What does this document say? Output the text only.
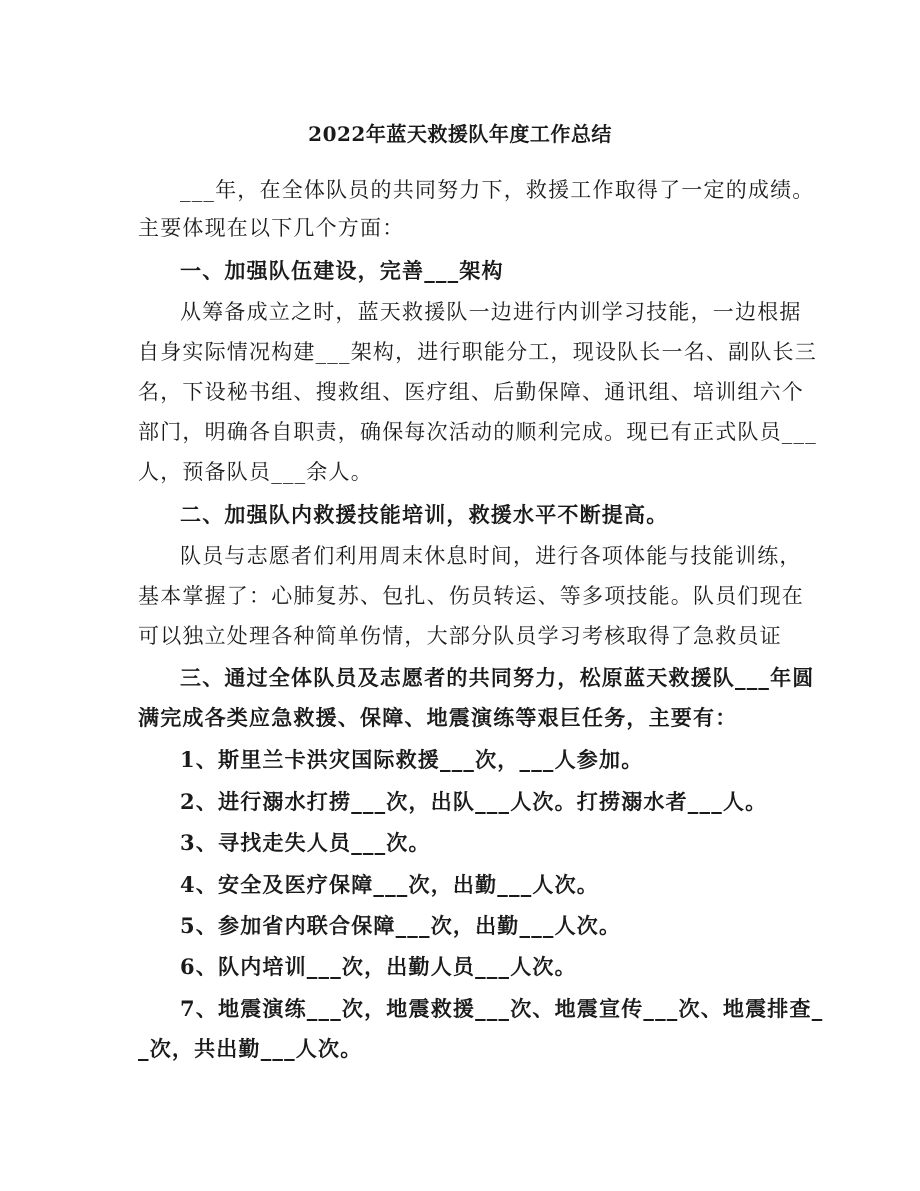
2022年蓝天救援队年度工作总结
___年，在全体队员的共同努力下，救援工作取得了一定的成绩。
主要体现在以下几个方面：
一、加强队伍建设，完善___架构
从筹备成立之时，蓝天救援队一边进行内训学习技能，一边根据
自身实际情况构建___架构，进行职能分工，现设队长一名、副队长三
名，下设秘书组、搜救组、医疗组、后勤保障、通讯组、培训组六个
部门，明确各自职责，确保每次活动的顺利完成。现已有正式队员___
人，预备队员___余人。
二、加强队内救援技能培训，救援水平不断提高。
队员与志愿者们利用周末休息时间，进行各项体能与技能训练，
基本掌握了：心肺复苏、包扎、伤员转运、等多项技能。队员们现在
可以独立处理各种简单伤情，大部分队员学习考核取得了急救员证
三、通过全体队员及志愿者的共同努力，松原蓝天救援队___年圆
满完成各类应急救援、保障、地震演练等艰巨任务，主要有：
1、斯里兰卡洪灾国际救援___次，___人参加。
2、进行溺水打捞___次，出队___人次。打捞溺水者___人。
3、寻找走失人员___次。
4、安全及医疗保障___次，出勤___人次。
5、参加省内联合保障___次，出勤___人次。
6、队内培训___次，出勤人员___人次。
7、地震演练___次，地震救援___次、地震宣传___次、地震排查_
_次，共出勤___人次。
